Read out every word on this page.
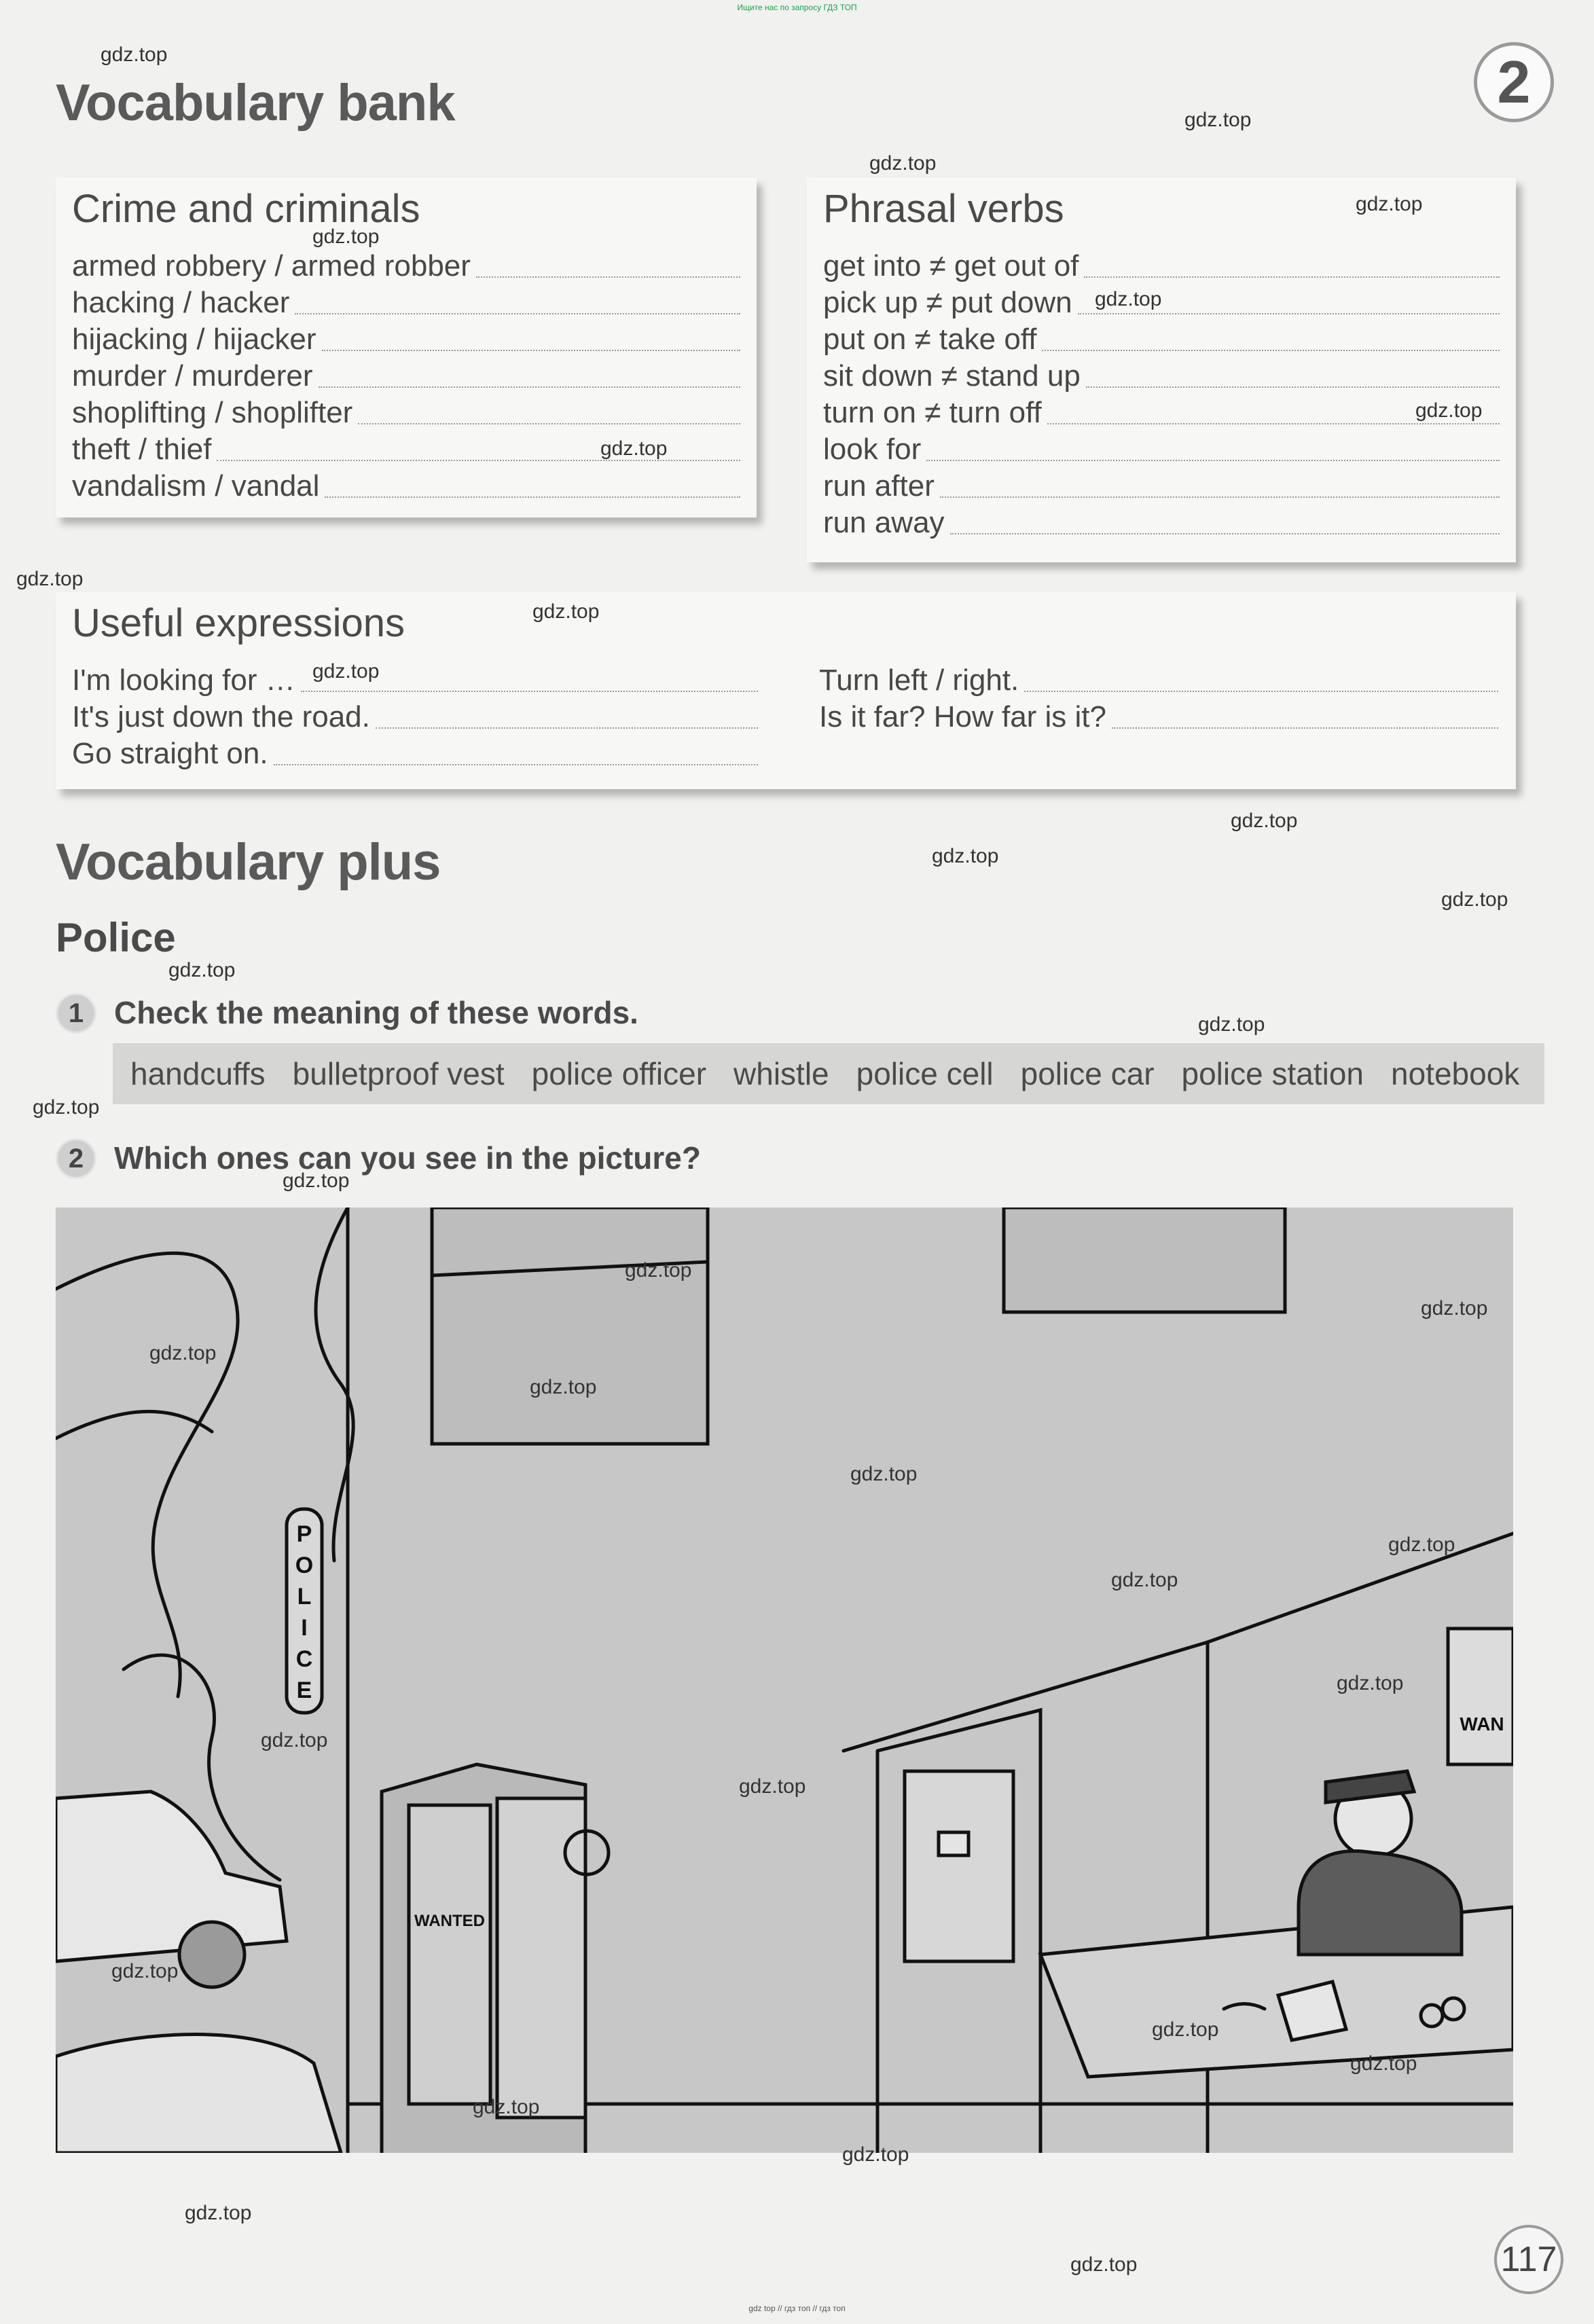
Ищите нас по запросу ГДЗ ТОП
Vocabulary bank	2
Crime and criminals
armed robbery / armed robber
hacking / hacker
hijacking / hijacker
murder / murderer
shoplifting / shoplifter
theft / thief
vandalism / vandal
Phrasal verbs
get into ≠ get out of
pick up ≠ put down
put on ≠ take off
sit down ≠ stand up
turn on ≠ turn off
look for
run after
run away
Useful expressions
I'm looking for …
It's just down the road.
Go straight on.
Turn left / right.
Is it far? How far is it?
Vocabulary plus
Police
1 Check the meaning of these words.
handcuffs bulletproof vest police officer whistle police cell police car police station notebook
2 Which ones can you see in the picture?
P
O
L
I
C
E
WANTED
WAN
117
gdz top // гдз топ // гдз топ
gdz.top
gdz.top
gdz.top
gdz.top
gdz.top
gdz.top
gdz.top
gdz.top
gdz.top
gdz.top
gdz.top
gdz.top
gdz.top
gdz.top
gdz.top
gdz.top
gdz.top
gdz.top
gdz.top
gdz.top
gdz.top
gdz.top
gdz.top
gdz.top
gdz.top
gdz.top
gdz.top
gdz.top
gdz.top
gdz.top
gdz.top
gdz.top
gdz.top
gdz.top
gdz.top
